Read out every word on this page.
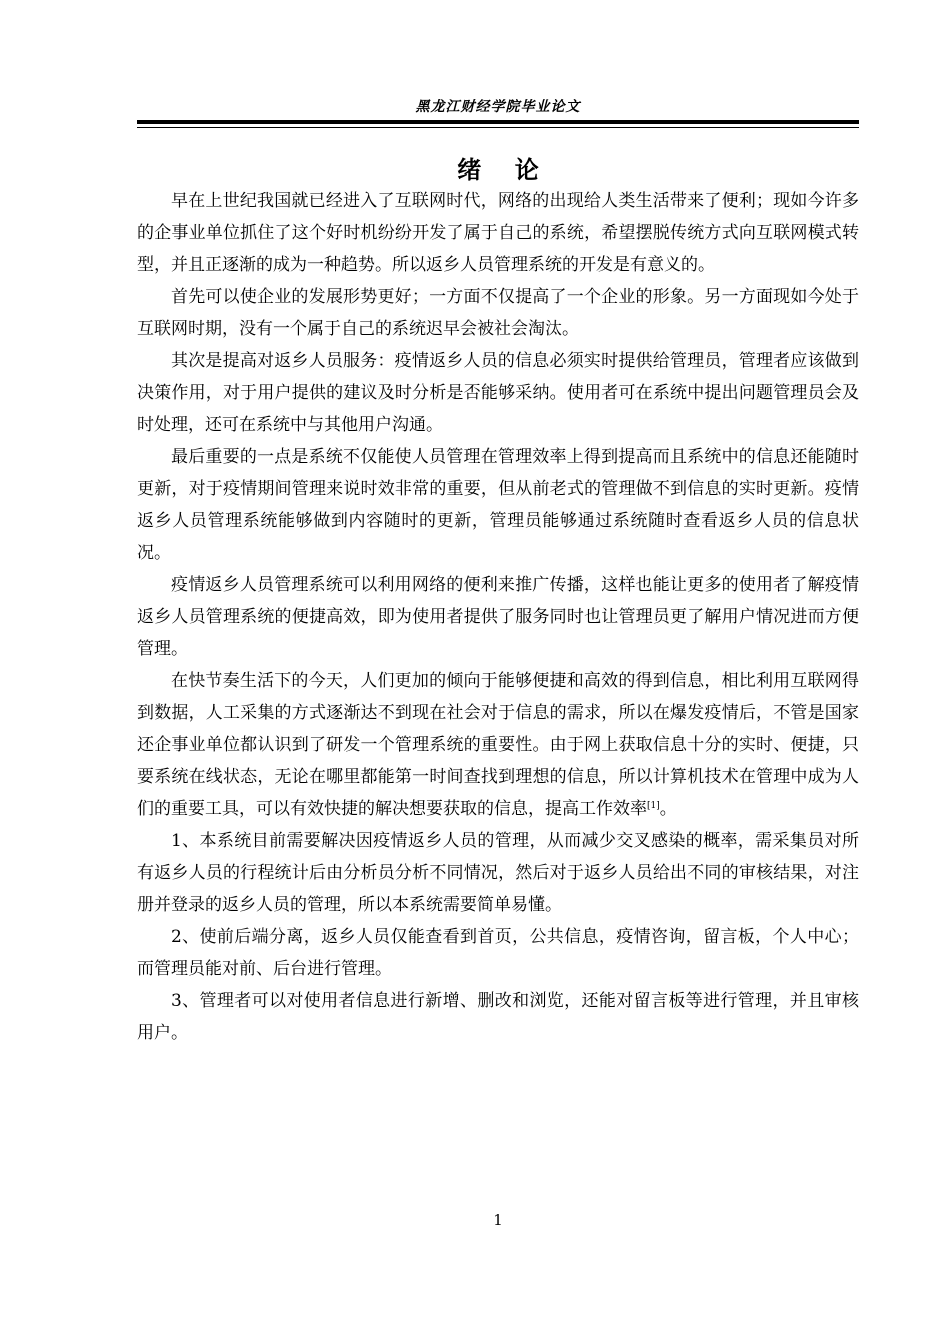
黑龙江财经学院毕业论文
绪    论

早在上世纪我国就已经进入了互联网时代，网络的出现给人类生活带来了便利；现如今许多的企事业单位抓住了这个好时机纷纷开发了属于自己的系统，希望摆脱传统方式向互联网模式转型，并且正逐渐的成为一种趋势。所以返乡人员管理系统的开发是有意义的。

首先可以使企业的发展形势更好；一方面不仅提高了一个企业的形象。另一方面现如今处于互联网时期，没有一个属于自己的系统迟早会被社会淘汰。

其次是提高对返乡人员服务：疫情返乡人员的信息必须实时提供给管理员，管理者应该做到决策作用，对于用户提供的建议及时分析是否能够采纳。使用者可在系统中提出问题管理员会及时处理，还可在系统中与其他用户沟通。

最后重要的一点是系统不仅能使人员管理在管理效率上得到提高而且系统中的信息还能随时更新，对于疫情期间管理来说时效非常的重要，但从前老式的管理做不到信息的实时更新。疫情返乡人员管理系统能够做到内容随时的更新，管理员能够通过系统随时查看返乡人员的信息状况。

疫情返乡人员管理系统可以利用网络的便利来推广传播，这样也能让更多的使用者了解疫情返乡人员管理系统的便捷高效，即为使用者提供了服务同时也让管理员更了解用户情况进而方便管理。

在快节奏生活下的今天，人们更加的倾向于能够便捷和高效的得到信息，相比利用互联网得到数据，人工采集的方式逐渐达不到现在社会对于信息的需求，所以在爆发疫情后，不管是国家还企事业单位都认识到了研发一个管理系统的重要性。由于网上获取信息十分的实时、便捷，只要系统在线状态，无论在哪里都能第一时间查找到理想的信息，所以计算机技术在管理中成为人们的重要工具，可以有效快捷的解决想要获取的信息，提高工作效率[1]。

1、本系统目前需要解决因疫情返乡人员的管理，从而减少交叉感染的概率，需采集员对所有返乡人员的行程统计后由分析员分析不同情况，然后对于返乡人员给出不同的审核结果，对注册并登录的返乡人员的管理，所以本系统需要简单易懂。

2、使前后端分离，返乡人员仅能查看到首页，公共信息，疫情咨询，留言板，个人中心；而管理员能对前、后台进行管理。

3、管理者可以对使用者信息进行新增、删改和浏览，还能对留言板等进行管理，并且审核用户。

1
